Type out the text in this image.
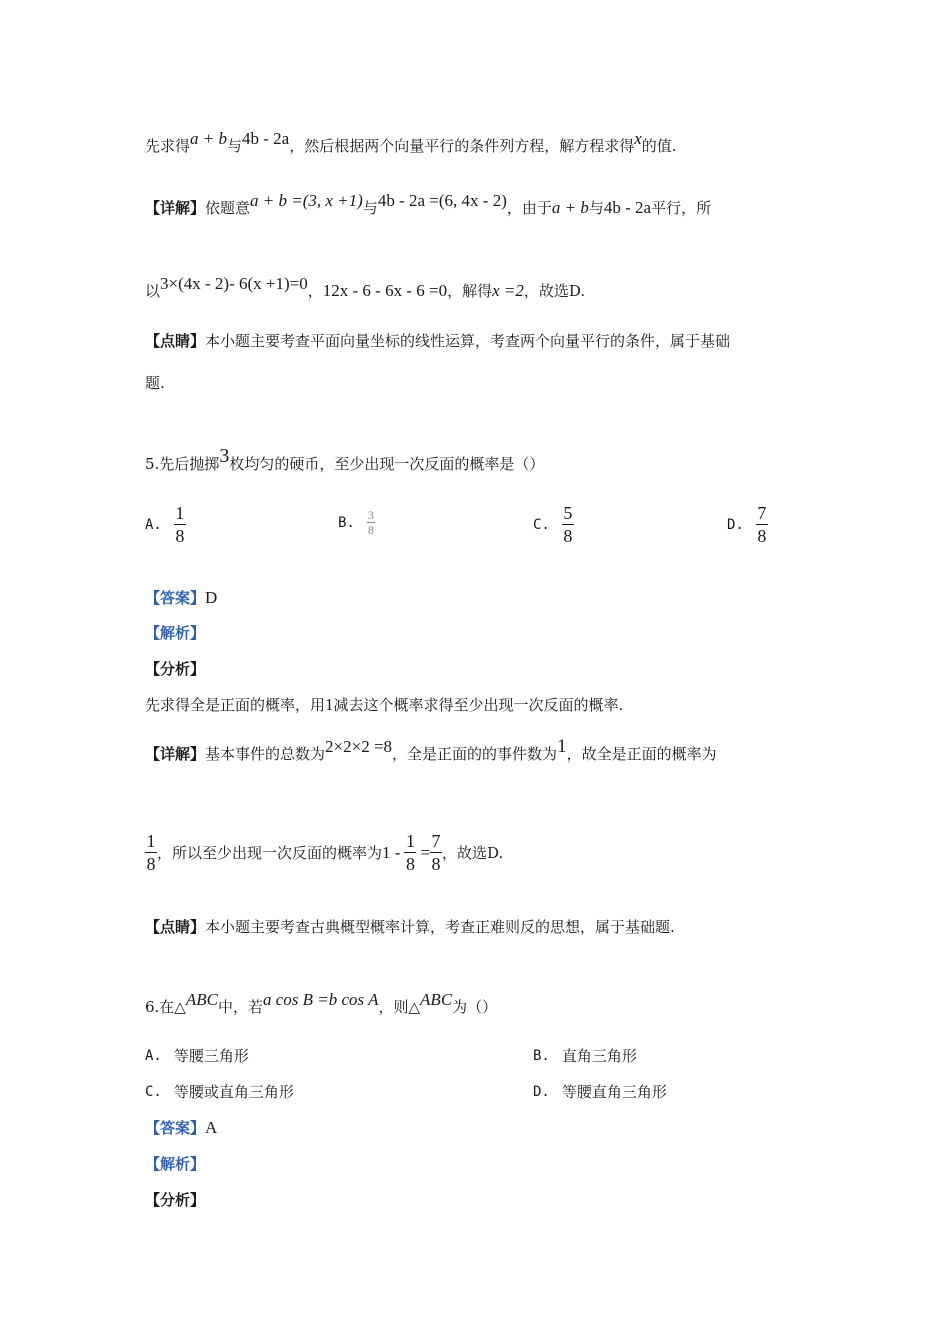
先求得a + b与4b - 2a，然后根据两个向量平行的条件列方程，解方程求得x的值.
【详解】依题意a + b =(3, x +1)与4b - 2a =(6, 4x - 2)，由于a + b与4b - 2a平行，所
以3×(4x - 2)- 6(x +1)=0，12x - 6 - 6x - 6 =0，解得x =2，故选D.
【点睛】本小题主要考查平面向量坐标的线性运算，考查两个向量平行的条件，属于基础
题.
5.先后抛掷3枚均匀的硬币，至少出现一次反面的概率是（）
A. $\frac{1}{8}$	B. $\frac{3}{8}$	C. $\frac{5}{8}$	D. $\frac{7}{8}$
【答案】D
【解析】
【分析】
先求得全是正面的概率，用1减去这个概率求得至少出现一次反面的概率.
【详解】基本事件的总数为2×2×2 =8，全是正面的的事件数为1，故全是正面的概率为
$\frac{1}{8}$ ，所以至少出现一次反面的概率为 $1 - \frac{1}{8} = \frac{7}{8}$ ，故选D.
【点睛】本小题主要考查古典概型概率计算，考查正难则反的思想，属于基础题.
6.在△ABC中，若a cos B =b cos A，则△ABC为（）
A. 等腰三角形	B. 直角三角形
C. 等腰或直角三角形	D. 等腰直角三角形
【答案】A
【解析】
【分析】
